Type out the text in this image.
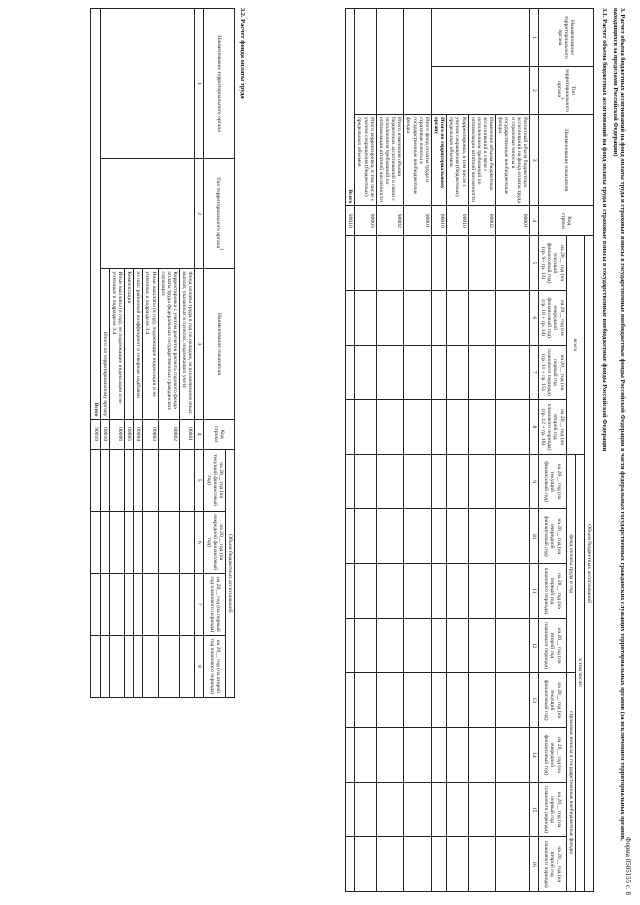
Форма 0505155 с. 8
3. Расчет объема бюджетных ассигнований на фонд оплаты труда и страховые взносы в государственные внебюджетные фонды Российской Федерации в части федеральных государственных гражданских служащих территориальных органов (за исключением территориальных органов, находящихся за пределами Российской Федерации)
3.1. Расчет объема бюджетных ассигнований на фонд оплаты труда и страховые взносы в государственные внебюджетные фонды Российской Федерации
Наименование территориального органа	Тип территориального органа$^1$	Наименование показателя	Код строки	Объем бюджетных ассигнований											
				всего				в том числе:							
								фонд оплаты труда и год				страховые взносы в государственные внебюджетные фонды			
				на 20__ год (на текущий финансовый год) (гр. 9+ гр. 13)	на 20__ год (на очередной финансовый год) (гр. 10 + гр. 14)	на 20__ год (на первый год планового периода) (гр. 11 + гр. 15)	на 20__ год (на второй год планового периода) (гр. 12 + гр. 16)	на 20__ год (на текущий финансовый год)	на 20__ год (на очередной финансовый год)	на 20__ год (на первый год планового периода)	на 20__ год (на второй год планового периода)	на 20__ год (на текущий финансовый год)	на 20__ год (на очередной финансовый год)	на 20__ год (на первый год планового периода)	на 20__ год (на второй год планового периода)
1	2	3	4	5	6	7	8	9	10	11	12	13	14	15	16
		Расчетный объем бюджетных ассигнований на фонд оплаты труда и страховые взносы в государственные внебюджетные фонды	00001												
		Изменение объема бюджетных ассигнований в связи с исполнением требований по оптимизации штатной численности	00002												
		Корректировка, в том числе с учетом сокращения (бюджетных) предельных объемов	00010												
		Итого по территориальному органу	00010												
		Итого фонд оплаты труда и страховые взносы в государственные внебюджетные фонды	90001												
		Итого изменения объема бюджетных ассигнований в связи с исполнением требований по оптимизации штатной численности	90002												
		Итого корректировка, в том числе с учетом сокращения (бюджетных) предельных объемов	90003												
Всего			90010												
3.2. Расчет фонда оплаты труда
Наименование территориального органа	Тип территориального органа$^1$	Наименование показателя	Код строки	Объем бюджетных ассигнований			
				на 20__ год (на текущий финансовый год)	на 20__ год (на очередной финансовый год)	на 20__ год (на первый год планового периода)	на 20__ год (на второй год планового периода)
1	2	3	4	5	6	7	8
		Фонд оплаты труда в год по окладам, за исключением иных выплат, указанных в пунктах, подлежащих учету	00001				
		Корректировка с учетом расчетов расчета годового фонда оплаты труда федеральных государственных гражданских служащих	00002				
		Иные выплаты (в год), подлежащие индексации и не учтенные в подразделе 3.4	00003				
		из них: районный коэффициент и северные надбавки	00004				
		Компенсации	00005				
		Иные выплаты (в год), не подлежащие индексации и не учтенные в подразделе 3.4	00006				
		Итого по территориальному органу	00010				
Всего			90010				
